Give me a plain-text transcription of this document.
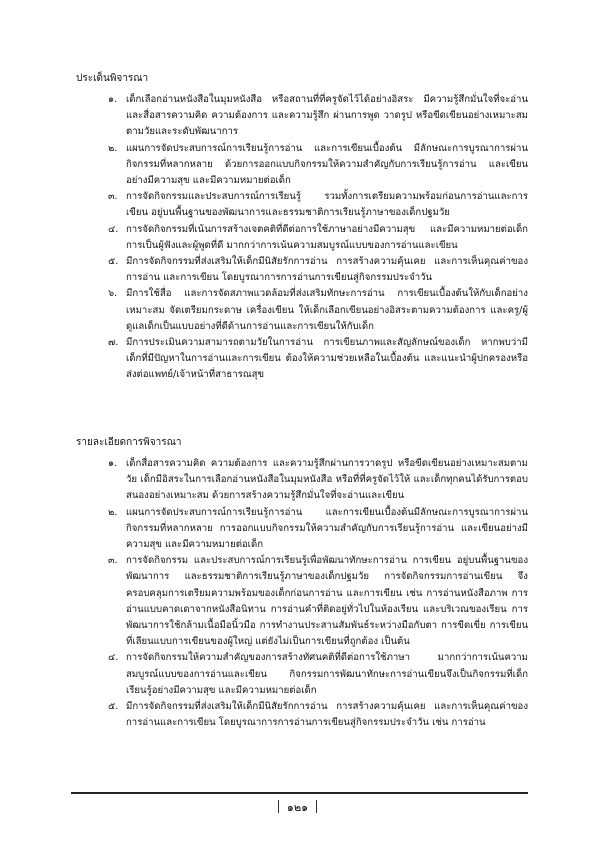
ประเด็นพิจารณา
๑. เด็กเลือกอ่านหนังสือในมุมหนังสือ หรือสถานที่ที่ครูจัดไว้ได้อย่างอิสระ มีความรู้สึกมั่นใจที่จะอ่านและสื่อสารความคิด ความต้องการ และความรู้สึก ผ่านการพูด วาดรูป หรือขีดเขียนอย่างเหมาะสมตามวัยและระดับพัฒนาการ
๒. แผนการจัดประสบการณ์การเรียนรู้การอ่าน และการเขียนเบื้องต้น มีลักษณะการบูรณาการผ่านกิจกรรมที่หลากหลาย ด้วยการออกแบบกิจกรรมให้ความสำคัญกับการเรียนรู้การอ่าน และเขียนอย่างมีความสุข และมีความหมายต่อเด็ก
๓. การจัดกิจกรรมและประสบการณ์การเรียนรู้ รวมทั้งการเตรียมความพร้อมก่อนการอ่านและการเขียน อยู่บนพื้นฐานของพัฒนาการและธรรมชาติการเรียนรู้ภาษาของเด็กปฐมวัย
๔. การจัดกิจกรรมที่เน้นการสร้างเจตคติที่ดีต่อการใช้ภาษาอย่างมีความสุข และมีความหมายต่อเด็ก การเป็นผู้ฟังและผู้พูดที่ดี มากกว่าการเน้นความสมบูรณ์แบบของการอ่านและเขียน
๕. มีการจัดกิจกรรมที่ส่งเสริมให้เด็กมีนิสัยรักการอ่าน การสร้างความคุ้นเคย และการเห็นคุณค่าของการอ่าน และการเขียน โดยบูรณาการการอ่านการเขียนสู่กิจกรรมประจำวัน
๖. มีการใช้สื่อ และการจัดสภาพแวดล้อมที่ส่งเสริมทักษะการอ่าน การเขียนเบื้องต้นให้กับเด็กอย่างเหมาะสม จัดเตรียมกระดาษ เครื่องเขียน ให้เด็กเลือกเขียนอย่างอิสระตามความต้องการ และครู/ผู้ดูแลเด็กเป็นแบบอย่างที่ดีด้านการอ่านและการเขียนให้กับเด็ก
๗. มีการประเมินความสามารถตามวัยในการอ่าน การเขียนภาพและสัญลักษณ์ของเด็ก หากพบว่ามีเด็กที่มีปัญหาในการอ่านและการเขียน ต้องให้ความช่วยเหลือในเบื้องต้น และแนะนำผู้ปกครองหรือส่งต่อแพทย์/เจ้าหน้าที่สาธารณสุข
รายละเอียดการพิจารณา
๑. เด็กสื่อสารความคิด ความต้องการ และความรู้สึกผ่านการวาดรูป หรือขีดเขียนอย่างเหมาะสมตามวัย เด็กมีอิสระในการเลือกอ่านหนังสือในมุมหนังสือ หรือที่ที่ครูจัดไว้ให้ และเด็กทุกคนได้รับการตอบสนองอย่างเหมาะสม ด้วยการสร้างความรู้สึกมั่นใจที่จะอ่านและเขียน
๒. แผนการจัดประสบการณ์การเรียนรู้การอ่าน และการเขียนเบื้องต้นมีลักษณะการบูรณาการผ่านกิจกรรมที่หลากหลาย การออกแบบกิจกรรมให้ความสำคัญกับการเรียนรู้การอ่าน และเขียนอย่างมีความสุข และมีความหมายต่อเด็ก
๓. การจัดกิจกรรม และประสบการณ์การเรียนรู้เพื่อพัฒนาทักษะการอ่าน การเขียน อยู่บนพื้นฐานของพัฒนาการ และธรรมชาติการเรียนรู้ภาษาของเด็กปฐมวัย การจัดกิจกรรมการอ่านเขียน จึงครอบคลุมการเตรียมความพร้อมของเด็กก่อนการอ่าน และการเขียน เช่น การอ่านหนังสือภาพ การอ่านแบบคาดเดาจากหนังสือนิทาน การอ่านคำที่ติดอยู่ทั่วไปในห้องเรียน และบริเวณของเรียน การพัฒนาการใช้กล้ามเนื้อมือนิ้วมือ การทำงานประสานสัมพันธ์ระหว่างมือกับตา การขีดเขี่ย การเขียนที่เลียนแบบการเขียนของผู้ใหญ่ แต่ยังไม่เป็นการเขียนที่ถูกต้อง เป็นต้น
๔. การจัดกิจกรรมให้ความสำคัญของการสร้างทัศนคติที่ดีต่อการใช้ภาษา มากกว่าการเน้นความสมบูรณ์แบบของการอ่านและเขียน กิจกรรมการพัฒนาทักษะการอ่านเขียนจึงเป็นกิจกรรมที่เด็กเรียนรู้อย่างมีความสุข และมีความหมายต่อเด็ก
๕. มีการจัดกิจกรรมที่ส่งเสริมให้เด็กมีนิสัยรักการอ่าน การสร้างความคุ้นเคย และการเห็นคุณค่าของการอ่านและการเขียน โดยบูรณาการการอ่านการเขียนสู่กิจกรรมประจำวัน เช่น การอ่าน
๑๒๑
